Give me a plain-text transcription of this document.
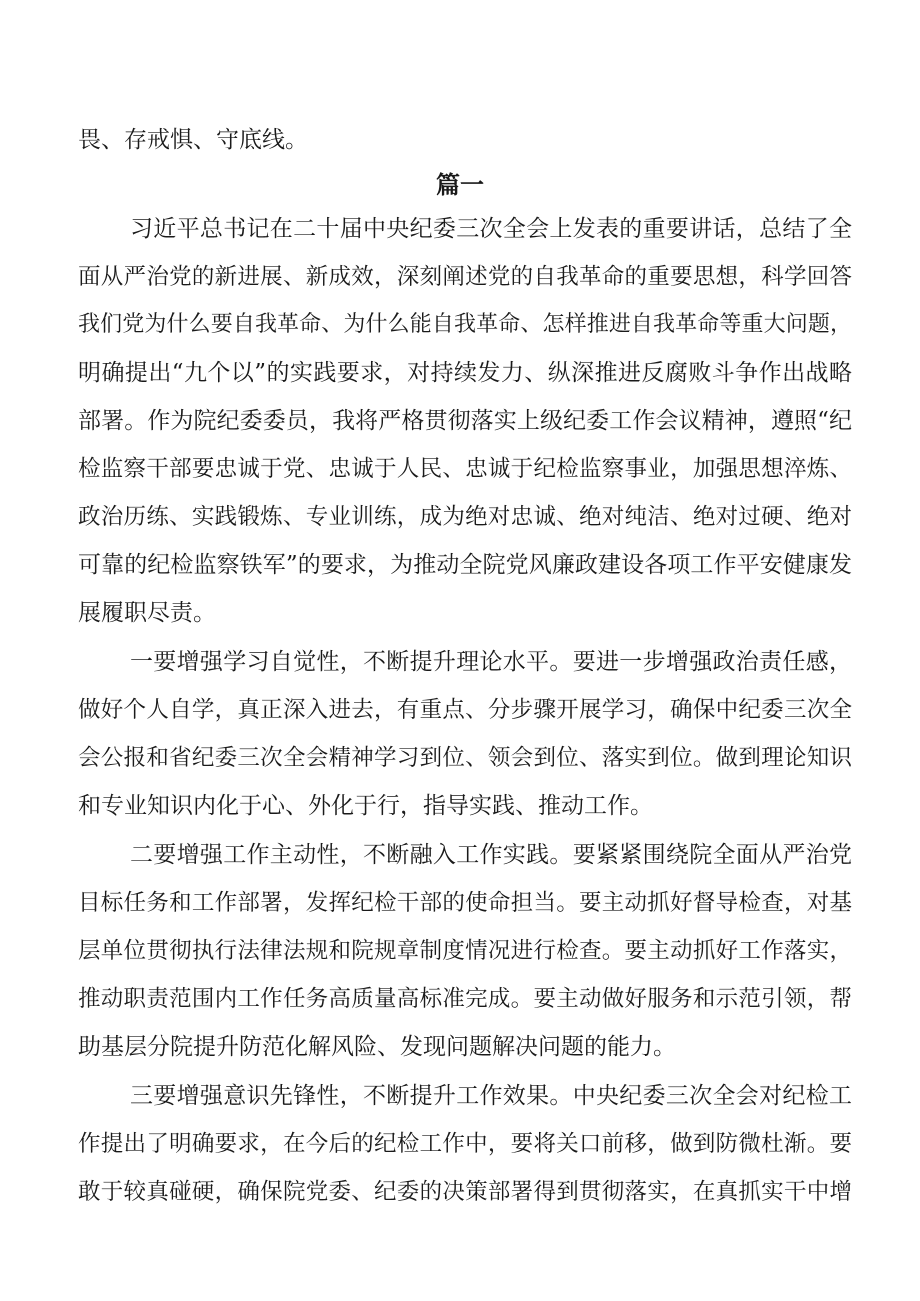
畏、存戒惧、守底线。
篇一
习近平总书记在二十届中央纪委三次全会上发表的重要讲话，总结了全
面从严治党的新进展、新成效，深刻阐述党的自我革命的重要思想，科学回答
我们党为什么要自我革命、为什么能自我革命、怎样推进自我革命等重大问题，
明确提出“九个以”的实践要求，对持续发力、纵深推进反腐败斗争作出战略
部署。作为院纪委委员，我将严格贯彻落实上级纪委工作会议精神，遵照“纪
检监察干部要忠诚于党、忠诚于人民、忠诚于纪检监察事业，加强思想淬炼、
政治历练、实践锻炼、专业训练，成为绝对忠诚、绝对纯洁、绝对过硬、绝对
可靠的纪检监察铁军”的要求，为推动全院党风廉政建设各项工作平安健康发
展履职尽责。
一要增强学习自觉性，不断提升理论水平。要进一步增强政治责任感，
做好个人自学，真正深入进去，有重点、分步骤开展学习，确保中纪委三次全
会公报和省纪委三次全会精神学习到位、领会到位、落实到位。做到理论知识
和专业知识内化于心、外化于行，指导实践、推动工作。
二要增强工作主动性，不断融入工作实践。要紧紧围绕院全面从严治党
目标任务和工作部署，发挥纪检干部的使命担当。要主动抓好督导检查，对基
层单位贯彻执行法律法规和院规章制度情况进行检查。要主动抓好工作落实，
推动职责范围内工作任务高质量高标准完成。要主动做好服务和示范引领，帮
助基层分院提升防范化解风险、发现问题解决问题的能力。
三要增强意识先锋性，不断提升工作效果。中央纪委三次全会对纪检工
作提出了明确要求，在今后的纪检工作中，要将关口前移，做到防微杜渐。要
敢于较真碰硬，确保院党委、纪委的决策部署得到贯彻落实，在真抓实干中增
